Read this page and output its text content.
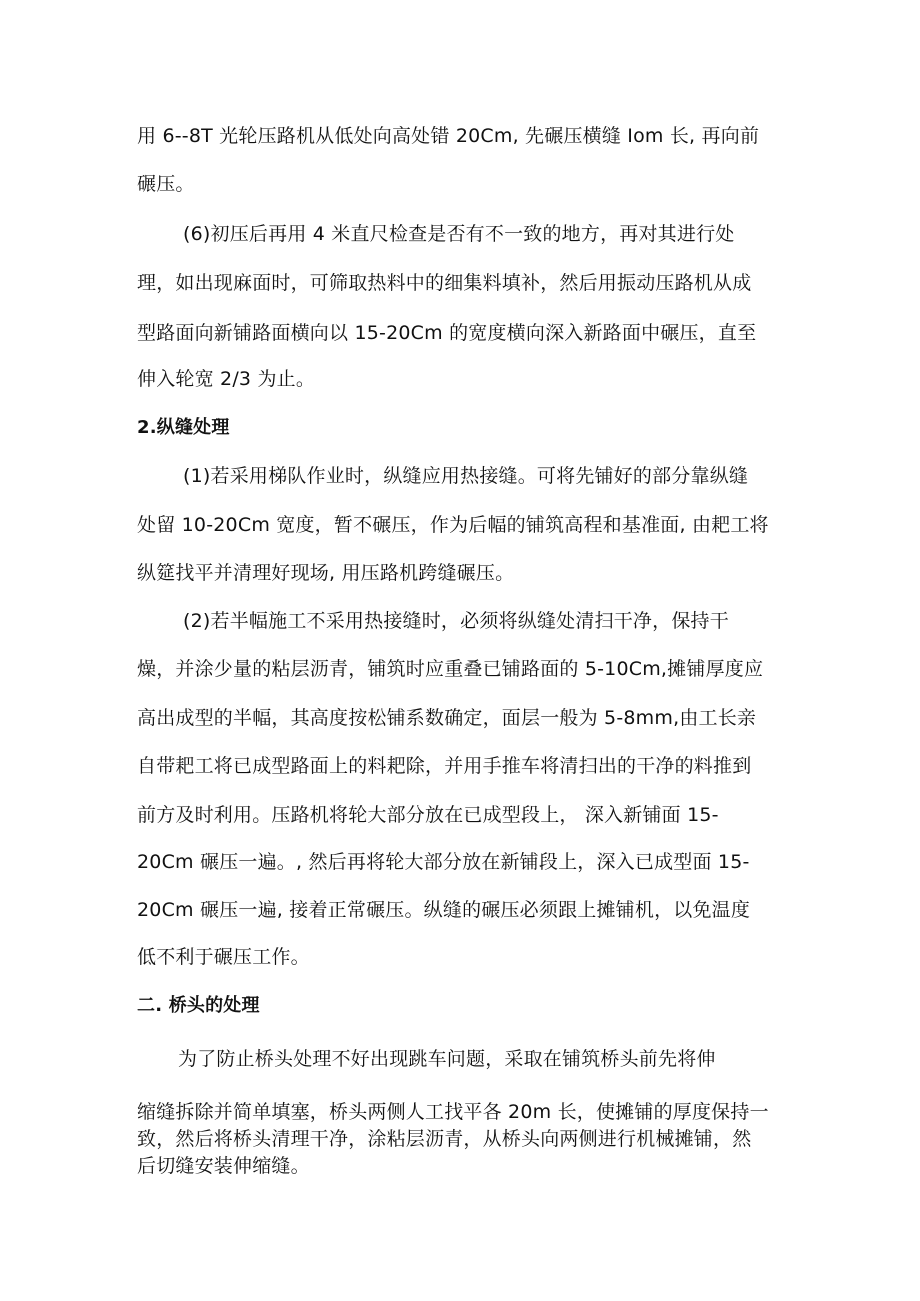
用 6--8T 光轮压路机从低处向高处错 20Cm, 先碾压横缝 Iom 长, 再向前
碾压。
(6)初压后再用 4 米直尺检查是否有不一致的地方，再对其进行处
理，如出现麻面时，可筛取热料中的细集料填补，然后用振动压路机从成
型路面向新铺路面横向以 15-20Cm 的宽度横向深入新路面中碾压，直至
伸入轮宽 2/3 为止。
2.纵缝处理
(1)若采用梯队作业时，纵缝应用热接缝。可将先铺好的部分靠纵缝
处留 10-20Cm 宽度，暂不碾压，作为后幅的铺筑高程和基准面, 由耙工将
纵筵找平并清理好现场, 用压路机跨缝碾压。
(2)若半幅施工不采用热接缝时，必须将纵缝处清扫干净，保持干
燥，并涂少量的粘层沥青，铺筑时应重叠已铺路面的 5-10Cm,摊铺厚度应
高出成型的半幅，其高度按松铺系数确定，面层一般为 5-8mm,由工长亲
自带耙工将已成型路面上的料耙除，并用手推车将清扫出的干净的料推到
前方及时利用。压路机将轮大部分放在已成型段上， 深入新铺面 15-
20Cm 碾压一遍。, 然后再将轮大部分放在新铺段上，深入已成型面 15-
20Cm 碾压一遍, 接着正常碾压。纵缝的碾压必须跟上摊铺机，以免温度
低不利于碾压工作。
二. 桥头的处理
为了防止桥头处理不好出现跳车问题，采取在铺筑桥头前先将伸
缩缝拆除并简单填塞，桥头两侧人工找平各 20m 长，使摊铺的厚度保持一
致，然后将桥头清理干净，涂粘层沥青，从桥头向两侧进行机械摊铺，然
后切缝安装伸缩缝。
